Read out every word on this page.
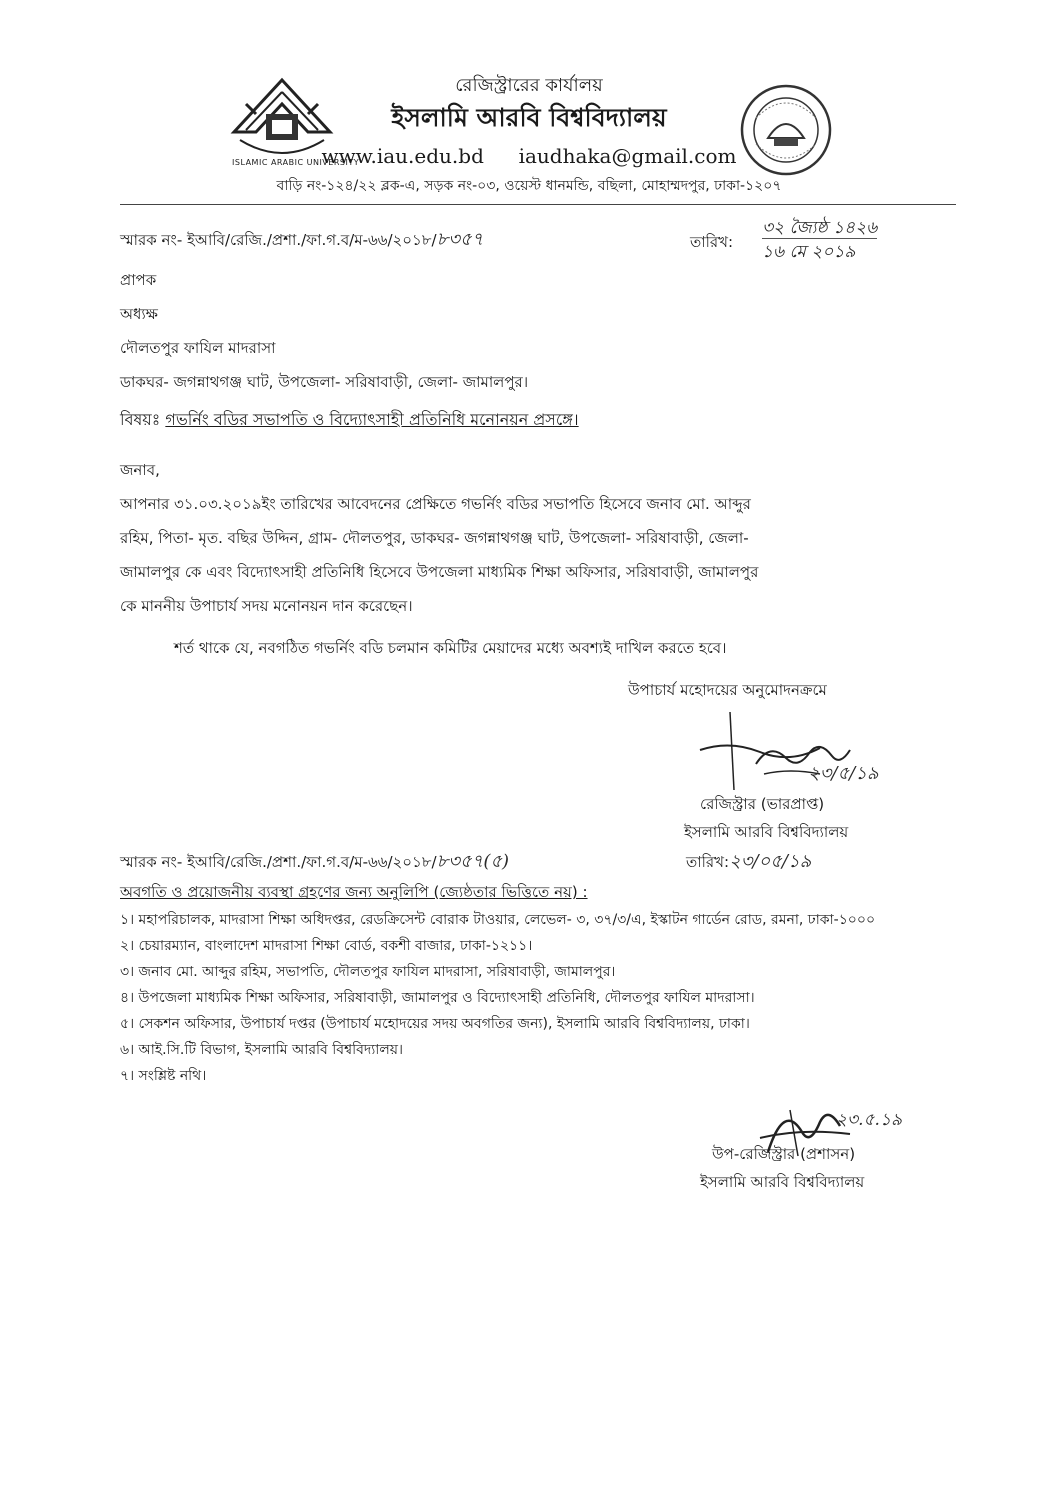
ISLAMIC ARABIC UNIVERSITY
রেজিস্ট্রারের কার্যালয়
ইসলামি আরবি বিশ্ববিদ্যালয়
www.iau.edu.bd iaudhaka@gmail.com
বাড়ি নং-১২৪/২২ ব্লক-এ, সড়ক নং-০৩, ওয়েস্ট ধানমন্ডি, বছিলা, মোহাম্মদপুর, ঢাকা-১২০৭
স্মারক নং- ইআবি/রেজি./প্রশা./ফা.গ.ব/ম-৬৬/২০১৮/৮৩৫৭	তারিখ:
৩২ জ্যৈষ্ঠ ১৪২৬
১৬ মে ২০১৯
প্রাপক
অধ্যক্ষ
দৌলতপুর ফাযিল মাদরাসা
ডাকঘর- জগন্নাথগঞ্জ ঘাট, উপজেলা- সরিষাবাড়ী, জেলা- জামালপুর।
বিষয়ঃ গভর্নিং বডির সভাপতি ও বিদ্যোৎসাহী প্রতিনিধি মনোনয়ন প্রসঙ্গে।
জনাব,
আপনার ৩১.০৩.২০১৯ইং তারিখের আবেদনের প্রেক্ষিতে গভর্নিং বডির সভাপতি হিসেবে জনাব মো. আব্দুর
রহিম, পিতা- মৃত. বছির উদ্দিন, গ্রাম- দৌলতপুর, ডাকঘর- জগন্নাথগঞ্জ ঘাট, উপজেলা- সরিষাবাড়ী, জেলা-
জামালপুর কে এবং বিদ্যোৎসাহী প্রতিনিধি হিসেবে উপজেলা মাধ্যমিক শিক্ষা অফিসার, সরিষাবাড়ী, জামালপুর
কে মাননীয় উপাচার্য সদয় মনোনয়ন দান করেছেন।
শর্ত থাকে যে, নবগঠিত গভর্নিং বডি চলমান কমিটির মেয়াদের মধ্যে অবশ্যই দাখিল করতে হবে।
উপাচার্য মহোদয়ের অনুমোদনক্রমে
২৩/৫/১৯
রেজিস্ট্রার (ভারপ্রাপ্ত)
ইসলামি আরবি বিশ্ববিদ্যালয়
স্মারক নং- ইআবি/রেজি./প্রশা./ফা.গ.ব/ম-৬৬/২০১৮/৮৩৫৭(৫)	তারিখ:২৩/০৫/১৯
অবগতি ও প্রয়োজনীয় ব্যবস্থা গ্রহণের জন্য অনুলিপি (জ্যেষ্ঠতার ভিত্তিতে নয়) :
১। মহাপরিচালক, মাদরাসা শিক্ষা অধিদপ্তর, রেডক্রিসেন্ট বোরাক টাওয়ার, লেভেল- ৩, ৩৭/৩/এ, ইস্কাটন গার্ডেন রোড, রমনা, ঢাকা-১০০০
২। চেয়ারম্যান, বাংলাদেশ মাদরাসা শিক্ষা বোর্ড, বকশী বাজার, ঢাকা-১২১১।
৩। জনাব মো. আব্দুর রহিম, সভাপতি, দৌলতপুর ফাযিল মাদরাসা, সরিষাবাড়ী, জামালপুর।
৪। উপজেলা মাধ্যমিক শিক্ষা অফিসার, সরিষাবাড়ী, জামালপুর ও বিদ্যোৎসাহী প্রতিনিধি, দৌলতপুর ফাযিল মাদরাসা।
৫। সেকশন অফিসার, উপাচার্য দপ্তর (উপাচার্য মহোদয়ের সদয় অবগতির জন্য), ইসলামি আরবি বিশ্ববিদ্যালয়, ঢাকা।
৬। আই.সি.টি বিভাগ, ইসলামি আরবি বিশ্ববিদ্যালয়।
৭। সংশ্লিষ্ট নথি।
২৩.৫.১৯
উপ-রেজিস্ট্রার (প্রশাসন)
ইসলামি আরবি বিশ্ববিদ্যালয়
